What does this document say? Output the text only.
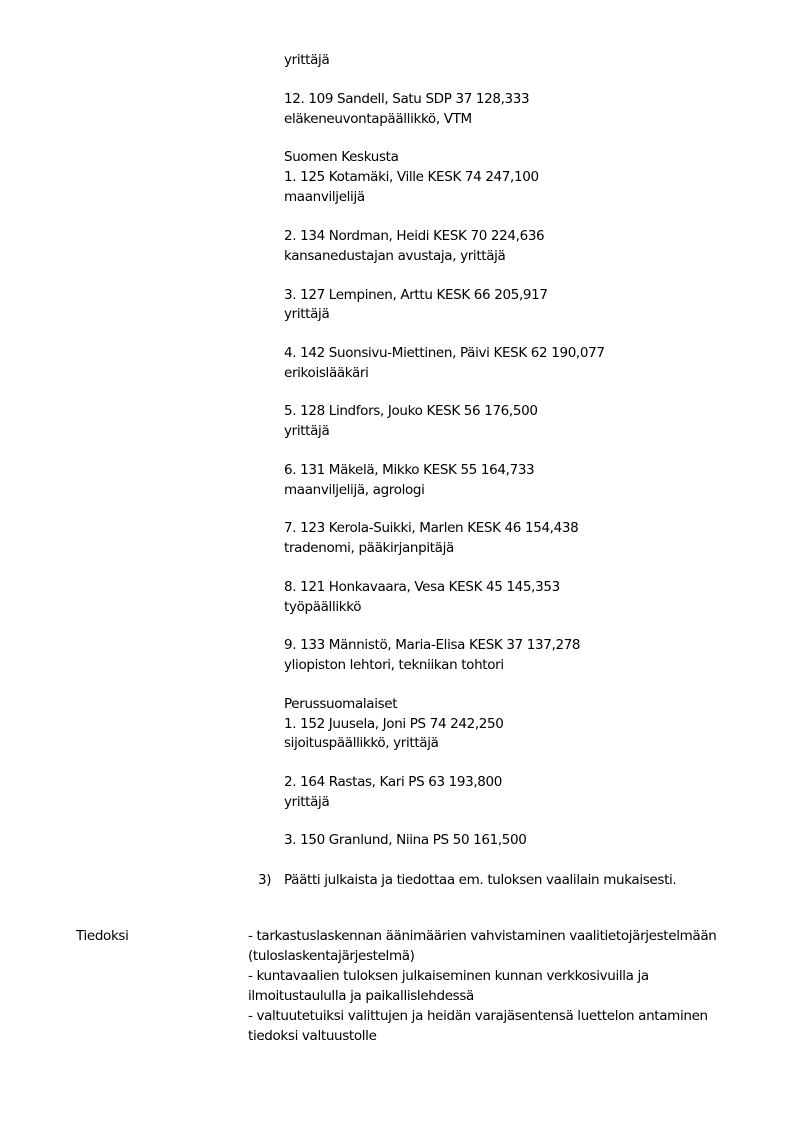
yrittäjä
12. 109 Sandell, Satu SDP 37 128,333
eläkeneuvontapäällikkö, VTM
Suomen Keskusta
1. 125 Kotamäki, Ville KESK 74 247,100
maanviljelijä
2. 134 Nordman, Heidi KESK 70 224,636
kansanedustajan avustaja, yrittäjä
3. 127 Lempinen, Arttu KESK 66 205,917
yrittäjä
4. 142 Suonsivu-Miettinen, Päivi KESK 62 190,077
erikoislääkäri
5. 128 Lindfors, Jouko KESK 56 176,500
yrittäjä
6. 131 Mäkelä, Mikko KESK 55 164,733
maanviljelijä, agrologi
7. 123 Kerola-Suikki, Marlen KESK 46 154,438
tradenomi, pääkirjanpitäjä
8. 121 Honkavaara, Vesa KESK 45 145,353
työpäällikkö
9. 133 Männistö, Maria-Elisa KESK 37 137,278
yliopiston lehtori, tekniikan tohtori
Perussuomalaiset
1. 152 Juusela, Joni PS 74 242,250
sijoituspäällikkö, yrittäjä
2. 164 Rastas, Kari PS 63 193,800
yrittäjä
3. 150 Granlund, Niina PS 50 161,500
3) Päätti julkaista ja tiedottaa em. tuloksen vaalilain mukaisesti.
Tiedoksi	- tarkastuslaskennan äänimäärien vahvistaminen vaalitietojärjestelmään
(tuloslaskentajärjestelmä)
- kuntavaalien tuloksen julkaiseminen kunnan verkkosivuilla ja
ilmoitustaululla ja paikallislehdessä
- valtuutetuiksi valittujen ja heidän varajäsentensä luettelon antaminen
tiedoksi valtuustolle
